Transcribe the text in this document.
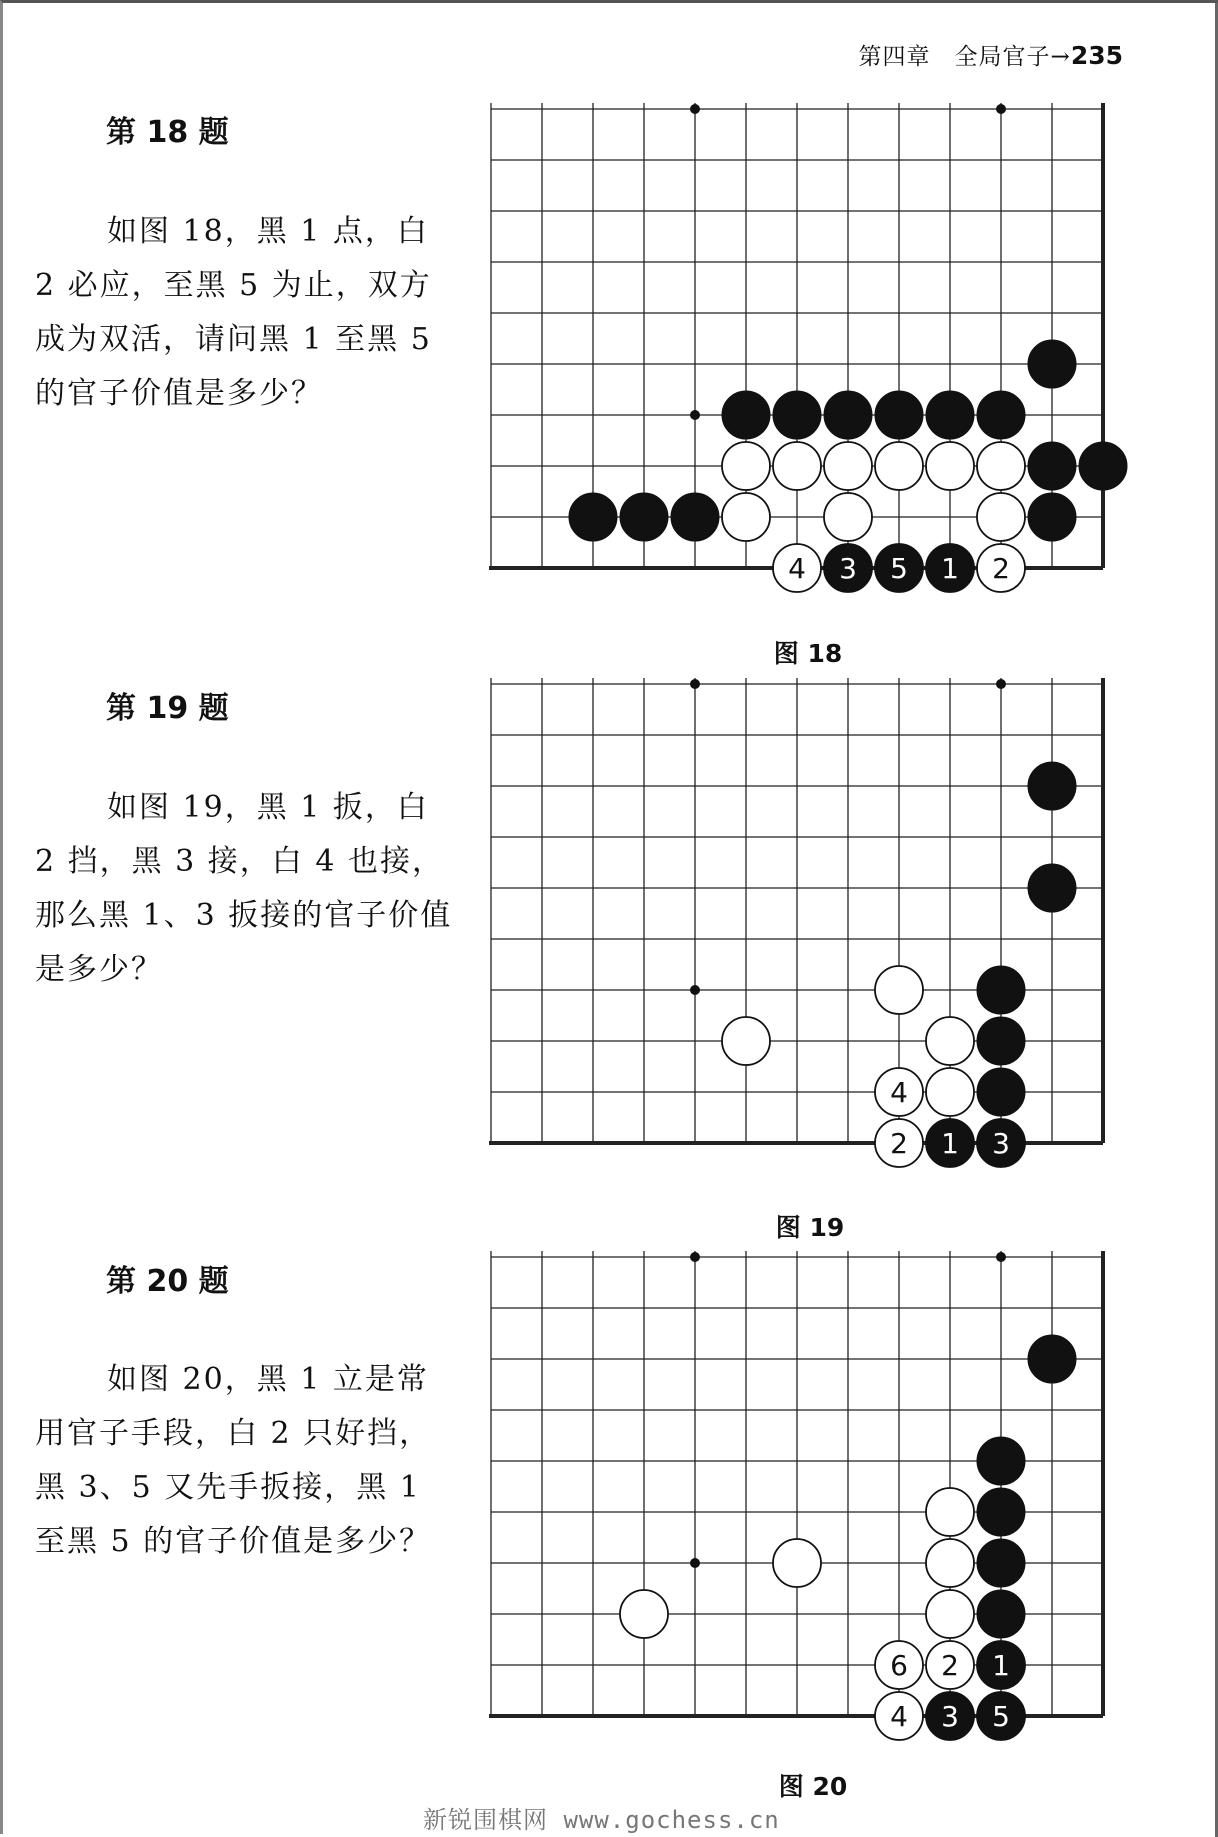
第四章 全局官子→235
第 18 题

如图 18，黑 1 点，白 2 必应，至黑 5 为止，双方成为双活，请问黑 1 至黑 5 的官子价值是多少？

图 18
第 19 题

如图 19，黑 1 扳，白 2 挡，黑 3 接，白 4 也接，那么黑 1、3 扳接的官子价值是多少？

图 19
第 20 题

如图 20，黑 1 立是常用官子手段，白 2 只好挡，黑 3、5 又先手扳接，黑 1 至黑 5 的官子价值是多少？

图 20
4 3 5 1 2
4
2 1 3
6 2 1
4 3 5
新锐围棋网 www.gochess.cn
